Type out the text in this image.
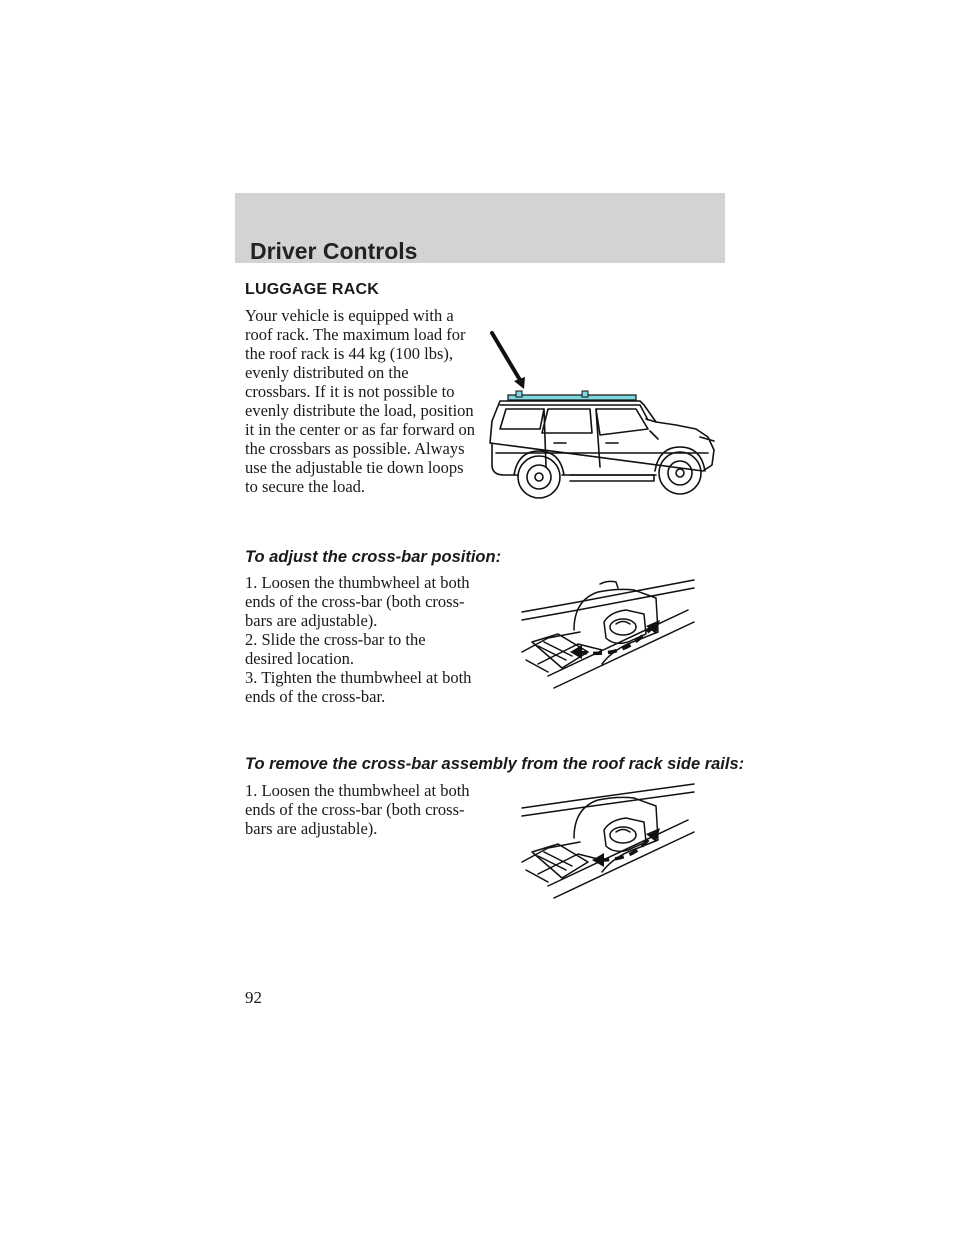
Driver Controls
LUGGAGE RACK

Your vehicle is equipped with a roof rack. The maximum load for the roof rack is 44 kg (100 lbs), evenly distributed on the crossbars. If it is not possible to evenly distribute the load, position it in the center or as far forward on the crossbars as possible. Always use the adjustable tie down loops to secure the load.

To adjust the cross-bar position:

1. Loosen the thumbwheel at both ends of the cross-bar (both cross-bars are adjustable).

2. Slide the cross-bar to the desired location.

3. Tighten the thumbwheel at both ends of the cross-bar.

To remove the cross-bar assembly from the roof rack side rails:

1. Loosen the thumbwheel at both ends of the cross-bar (both cross-bars are adjustable).

92
